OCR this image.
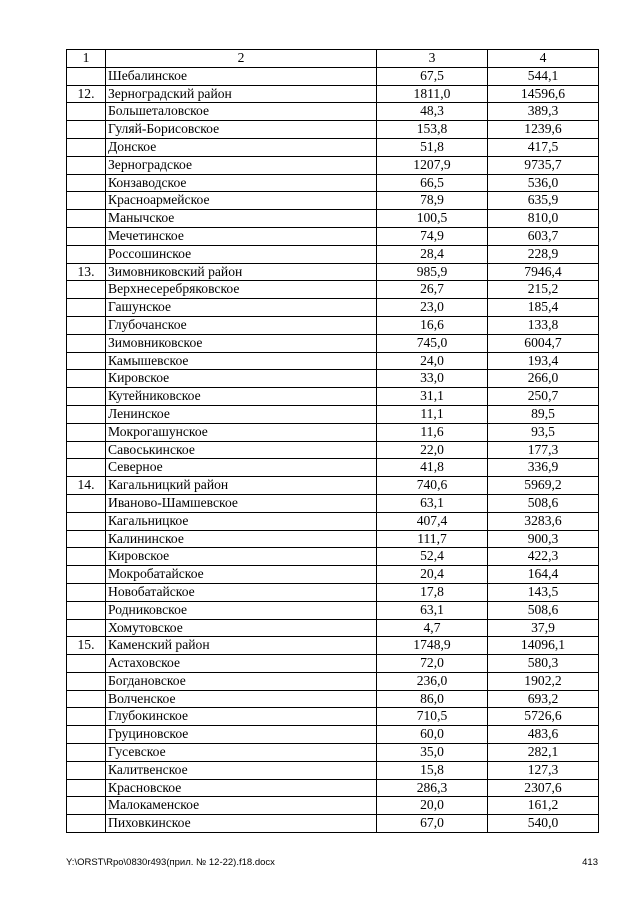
1	2	3	4
	Шебалинское	67,5	544,1
12.	Зерноградский район	1811,0	14596,6
	Большеталовское	48,3	389,3
	Гуляй-Борисовское	153,8	1239,6
	Донское	51,8	417,5
	Зерноградское	1207,9	9735,7
	Конзаводское	66,5	536,0
	Красноармейское	78,9	635,9
	Манычское	100,5	810,0
	Мечетинское	74,9	603,7
	Россошинское	28,4	228,9
13.	Зимовниковский район	985,9	7946,4
	Верхнесеребряковское	26,7	215,2
	Гашунское	23,0	185,4
	Глубочанское	16,6	133,8
	Зимовниковское	745,0	6004,7
	Камышевское	24,0	193,4
	Кировское	33,0	266,0
	Кутейниковское	31,1	250,7
	Ленинское	11,1	89,5
	Мокрогашунское	11,6	93,5
	Савоськинское	22,0	177,3
	Северное	41,8	336,9
14.	Кагальницкий район	740,6	5969,2
	Иваново-Шамшевское	63,1	508,6
	Кагальницкое	407,4	3283,6
	Калининское	111,7	900,3
	Кировское	52,4	422,3
	Мокробатайское	20,4	164,4
	Новобатайское	17,8	143,5
	Родниковское	63,1	508,6
	Хомутовское	4,7	37,9
15.	Каменский район	1748,9	14096,1
	Астаховское	72,0	580,3
	Богдановское	236,0	1902,2
	Волченское	86,0	693,2
	Глубокинское	710,5	5726,6
	Груциновское	60,0	483,6
	Гусевское	35,0	282,1
	Калитвенское	15,8	127,3
	Красновское	286,3	2307,6
	Малокаменское	20,0	161,2
	Пиховкинское	67,0	540,0
Y:\ORST\Rpo\0830r493(прил. № 12-22).f18.docx	413
